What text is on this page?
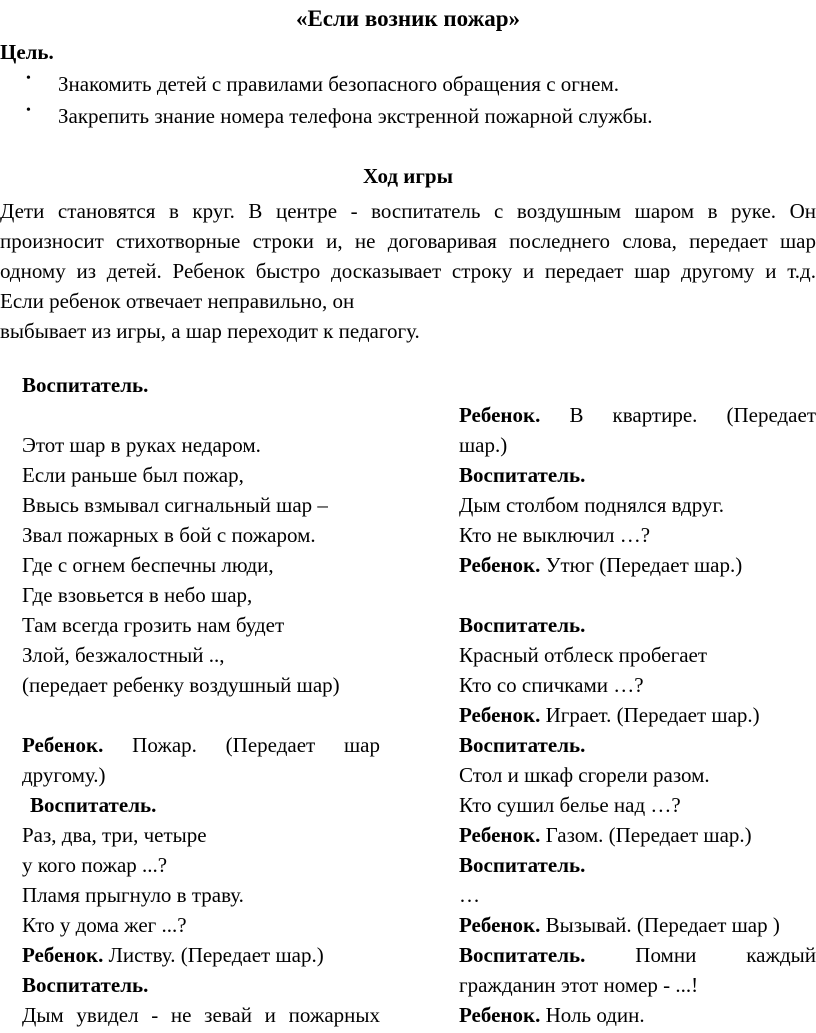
«Если возник пожар»
Цель.
• Знакомить детей с правилами безопасного обращения с огнем.
• Закрепить знание номера телефона экстренной пожарной службы.
Ход игры
Дети становятся в круг. В центре - воспитатель с воздушным шаром в руке. Он
произносит стихотворные строки и, не договаривая последнего слова, передает шар
одному из детей. Ребенок быстро досказывает строку и передает шар другому и т.д.
Если ребенок отвечает неправильно, он
выбывает из игры, а шар переходит к педагогу.
Воспитатель.
Этот шар в руках недаром.
Если раньше был пожар,
Ввысь взмывал сигнальный шар –
Звал пожарных в бой с пожаром.
Где с огнем беспечны люди,
Где взовьется в небо шар,
Там всегда грозить нам будет
Злой, безжалостный ..,
(передает ребенку воздушный шар)
Ребенок. Пожар. (Передает шар
другому.)
Воспитатель.
Раз, два, три, четыре
у кого пожар ...?
Пламя прыгнуло в траву.
Кто у дома жег ...?
Ребенок. Листву. (Передает шар.)
Воспитатель.
Дым увидел - не зевай и пожарных
Ребенок. В квартире. (Передает
шар.)
Воспитатель.
Дым столбом поднялся вдруг.
Кто не выключил …?
Ребенок. Утюг (Передает шар.)
Воспитатель.
Красный отблеск пробегает
Кто со спичками …?
Ребенок. Играет. (Передает шар.)
Воспитатель.
Стол и шкаф сгорели разом.
Кто сушил белье над …?
Ребенок. Газом. (Передает шар.)
Воспитатель.
…
Ребенок. Вызывай. (Передает шар )
Воспитатель. Помни каждый
гражданин этот номер - ...!
Ребенок. Ноль один.
